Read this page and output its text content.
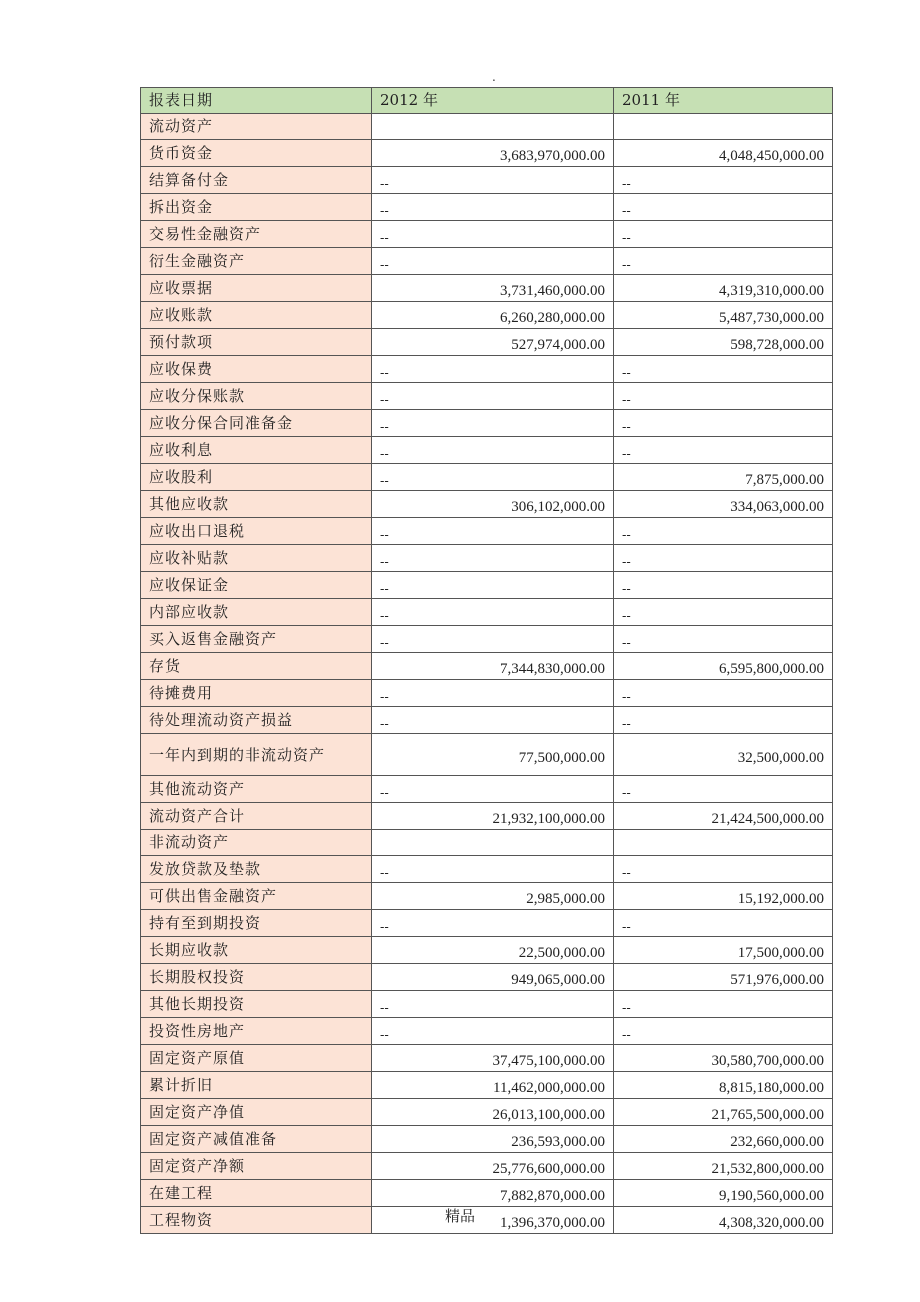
.
报表日期	2012 年	2011 年
流动资产		
货币资金	3,683,970,000.00	4,048,450,000.00
结算备付金	--	--
拆出资金	--	--
交易性金融资产	--	--
衍生金融资产	--	--
应收票据	3,731,460,000.00	4,319,310,000.00
应收账款	6,260,280,000.00	5,487,730,000.00
预付款项	527,974,000.00	598,728,000.00
应收保费	--	--
应收分保账款	--	--
应收分保合同准备金	--	--
应收利息	--	--
应收股利	--	7,875,000.00
其他应收款	306,102,000.00	334,063,000.00
应收出口退税	--	--
应收补贴款	--	--
应收保证金	--	--
内部应收款	--	--
买入返售金融资产	--	--
存货	7,344,830,000.00	6,595,800,000.00
待摊费用	--	--
待处理流动资产损益	--	--
一年内到期的非流动资产	77,500,000.00	32,500,000.00
其他流动资产	--	--
流动资产合计	21,932,100,000.00	21,424,500,000.00
非流动资产		
发放贷款及垫款	--	--
可供出售金融资产	2,985,000.00	15,192,000.00
持有至到期投资	--	--
长期应收款	22,500,000.00	17,500,000.00
长期股权投资	949,065,000.00	571,976,000.00
其他长期投资	--	--
投资性房地产	--	--
固定资产原值	37,475,100,000.00	30,580,700,000.00
累计折旧	11,462,000,000.00	8,815,180,000.00
固定资产净值	26,013,100,000.00	21,765,500,000.00
固定资产减值准备	236,593,000.00	232,660,000.00
固定资产净额	25,776,600,000.00	21,532,800,000.00
在建工程	7,882,870,000.00	9,190,560,000.00
工程物资	1,396,370,000.00	4,308,320,000.00
精品
